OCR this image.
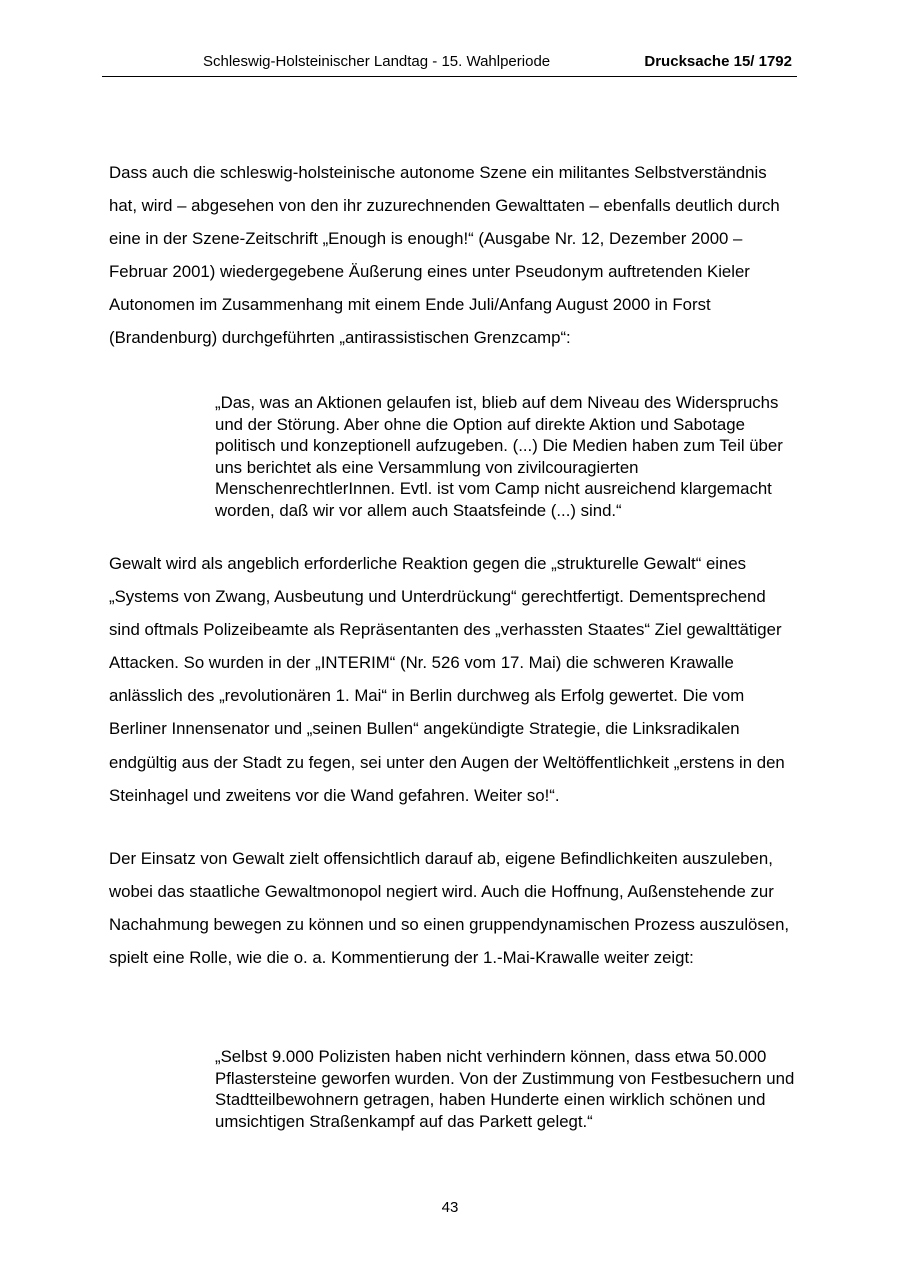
Schleswig-Holsteinischer Landtag - 15. Wahlperiode	Drucksache 15/ 1792

Dass auch die schleswig-holsteinische autonome Szene ein militantes Selbstverständnis hat, wird – abgesehen von den ihr zuzurechnenden Gewalttaten – ebenfalls deutlich durch eine in der Szene-Zeitschrift „Enough is enough!“ (Ausgabe Nr. 12, Dezember 2000 – Februar 2001) wiedergegebene Äußerung eines unter Pseudonym auftretenden Kieler Autonomen im Zusammenhang mit einem Ende Juli/Anfang August 2000 in Forst (Brandenburg) durchgeführten „antirassistischen Grenzcamp“:

„Das, was an Aktionen gelaufen ist, blieb auf dem Niveau des Widerspruchs und der Störung. Aber ohne die Option auf direkte Aktion und Sabotage politisch und konzeptionell aufzugeben. (...) Die Medien haben zum Teil über uns berichtet als eine Versammlung von zivilcouragierten MenschenrechtlerInnen. Evtl. ist vom Camp nicht ausreichend klargemacht worden, daß wir vor allem auch Staatsfeinde (...) sind.“

Gewalt wird als angeblich erforderliche Reaktion gegen die „strukturelle Gewalt“ eines „Systems von Zwang, Ausbeutung und Unterdrückung“ gerechtfertigt. Dementsprechend sind oftmals Polizeibeamte als Repräsentanten des „verhassten Staates“ Ziel gewalttätiger Attacken. So wurden in der „INTERIM“ (Nr. 526 vom 17. Mai) die schweren Krawalle anlässlich des „revolutionären 1. Mai“ in Berlin durchweg als Erfolg gewertet. Die vom Berliner Innensenator und „seinen Bullen“ angekündigte Strategie, die Linksradikalen endgültig aus der Stadt zu fegen, sei unter den Augen der Weltöffentlichkeit „erstens in den Steinhagel und zweitens vor die Wand gefahren. Weiter so!“.

Der Einsatz von Gewalt zielt offensichtlich darauf ab, eigene Befindlichkeiten auszuleben, wobei das staatliche Gewaltmonopol negiert wird. Auch die Hoffnung, Außenstehende zur Nachahmung bewegen zu können und so einen gruppendynamischen Prozess auszulösen, spielt eine Rolle, wie die o. a. Kommentierung der 1.-Mai-Krawalle weiter zeigt:

„Selbst 9.000 Polizisten haben nicht verhindern können, dass etwa 50.000 Pflastersteine geworfen wurden. Von der Zustimmung von Festbesuchern und Stadtteilbewohnern getragen, haben Hunderte einen wirklich schönen und umsichtigen Straßenkampf auf das Parkett gelegt.“

43
